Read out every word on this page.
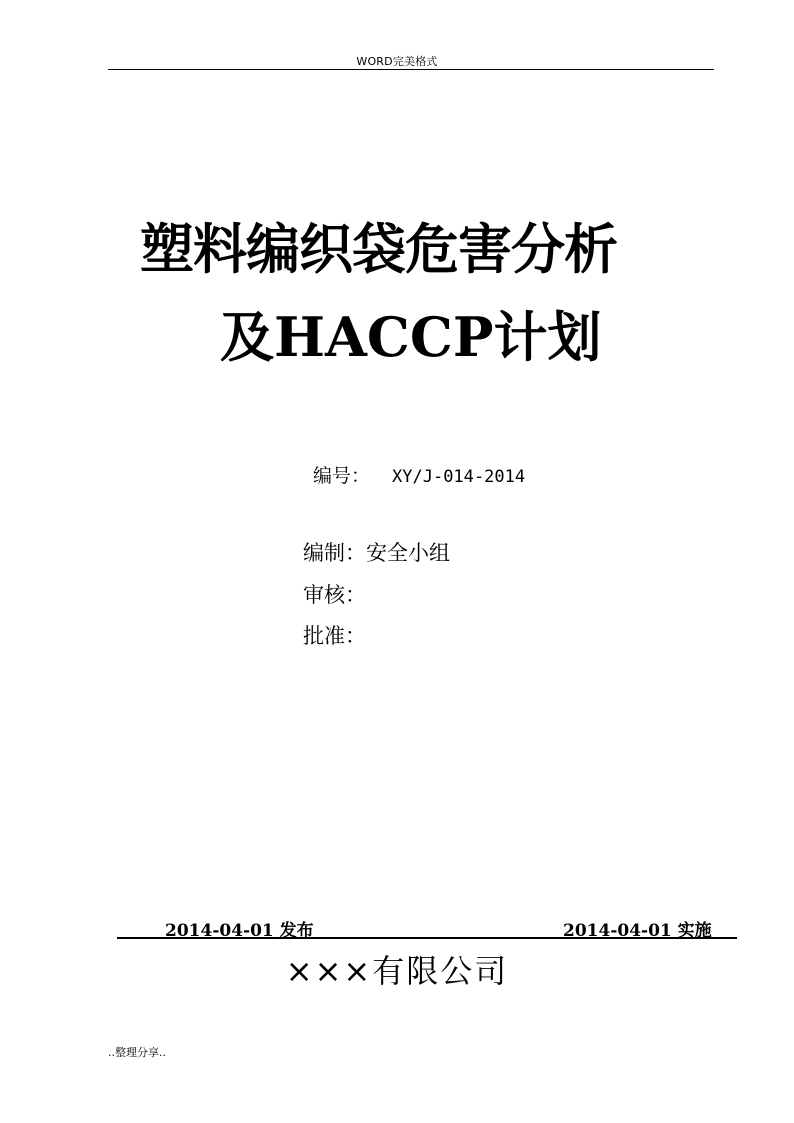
WORD完美格式
塑料编织袋危害分析
及HACCP计划
编号： XY/J-014-2014
编制：安全小组
审核：
批准：
2014-04-01 发布	2014-04-01 实施
×××有限公司
..整理分享..
